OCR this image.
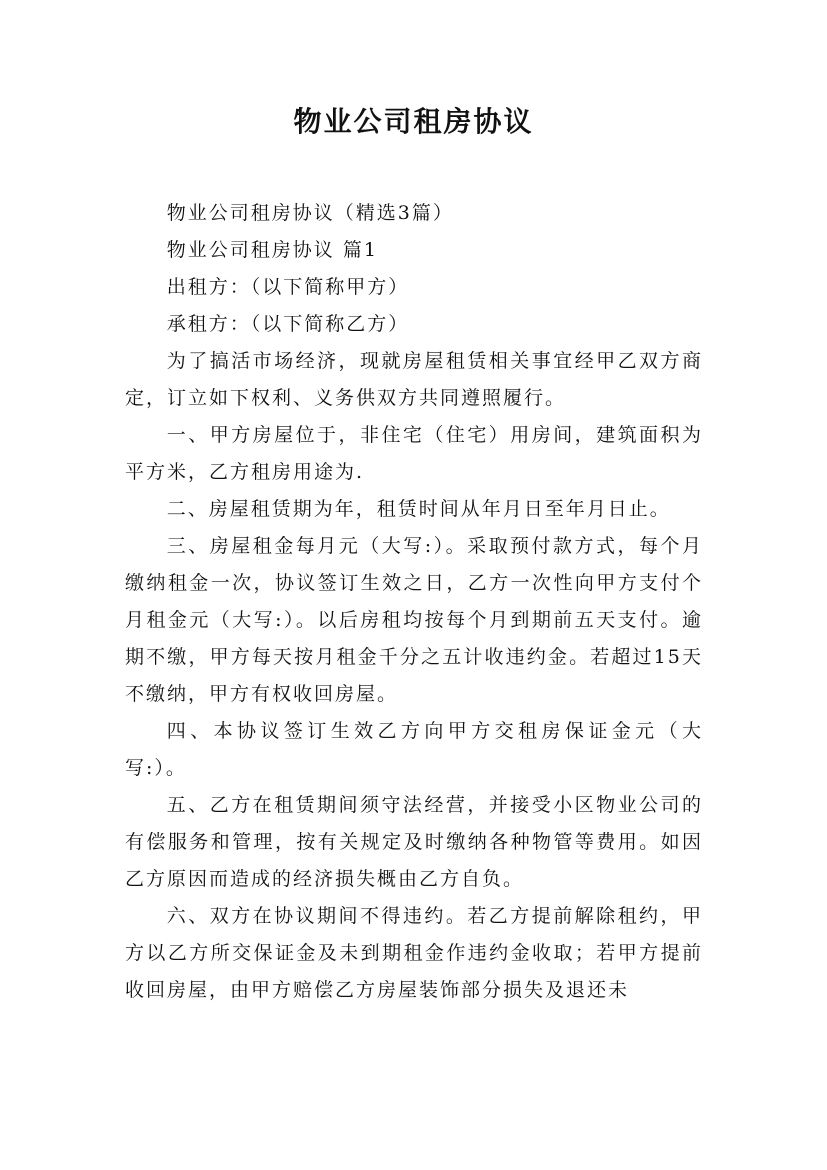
物业公司租房协议

物业公司租房协议（精选3篇）

物业公司租房协议 篇1

出租方：（以下简称甲方）

承租方：（以下简称乙方）

为了搞活市场经济，现就房屋租赁相关事宜经甲乙双方商定，订立如下权利、义务供双方共同遵照履行。

一、甲方房屋位于，非住宅（住宅）用房间，建筑面积为平方米，乙方租房用途为.

二、房屋租赁期为年，租赁时间从年月日至年月日止。

三、房屋租金每月元（大写:）。采取预付款方式，每个月缴纳租金一次，协议签订生效之日，乙方一次性向甲方支付个月租金元（大写:）。以后房租均按每个月到期前五天支付。逾期不缴，甲方每天按月租金千分之五计收违约金。若超过15天不缴纳，甲方有权收回房屋。

四、本协议签订生效乙方向甲方交租房保证金元（大写:）。

五、乙方在租赁期间须守法经营，并接受小区物业公司的有偿服务和管理，按有关规定及时缴纳各种物管等费用。如因乙方原因而造成的经济损失概由乙方自负。

六、双方在协议期间不得违约。若乙方提前解除租约，甲方以乙方所交保证金及未到期租金作违约金收取；若甲方提前收回房屋，由甲方赔偿乙方房屋装饰部分损失及退还未
